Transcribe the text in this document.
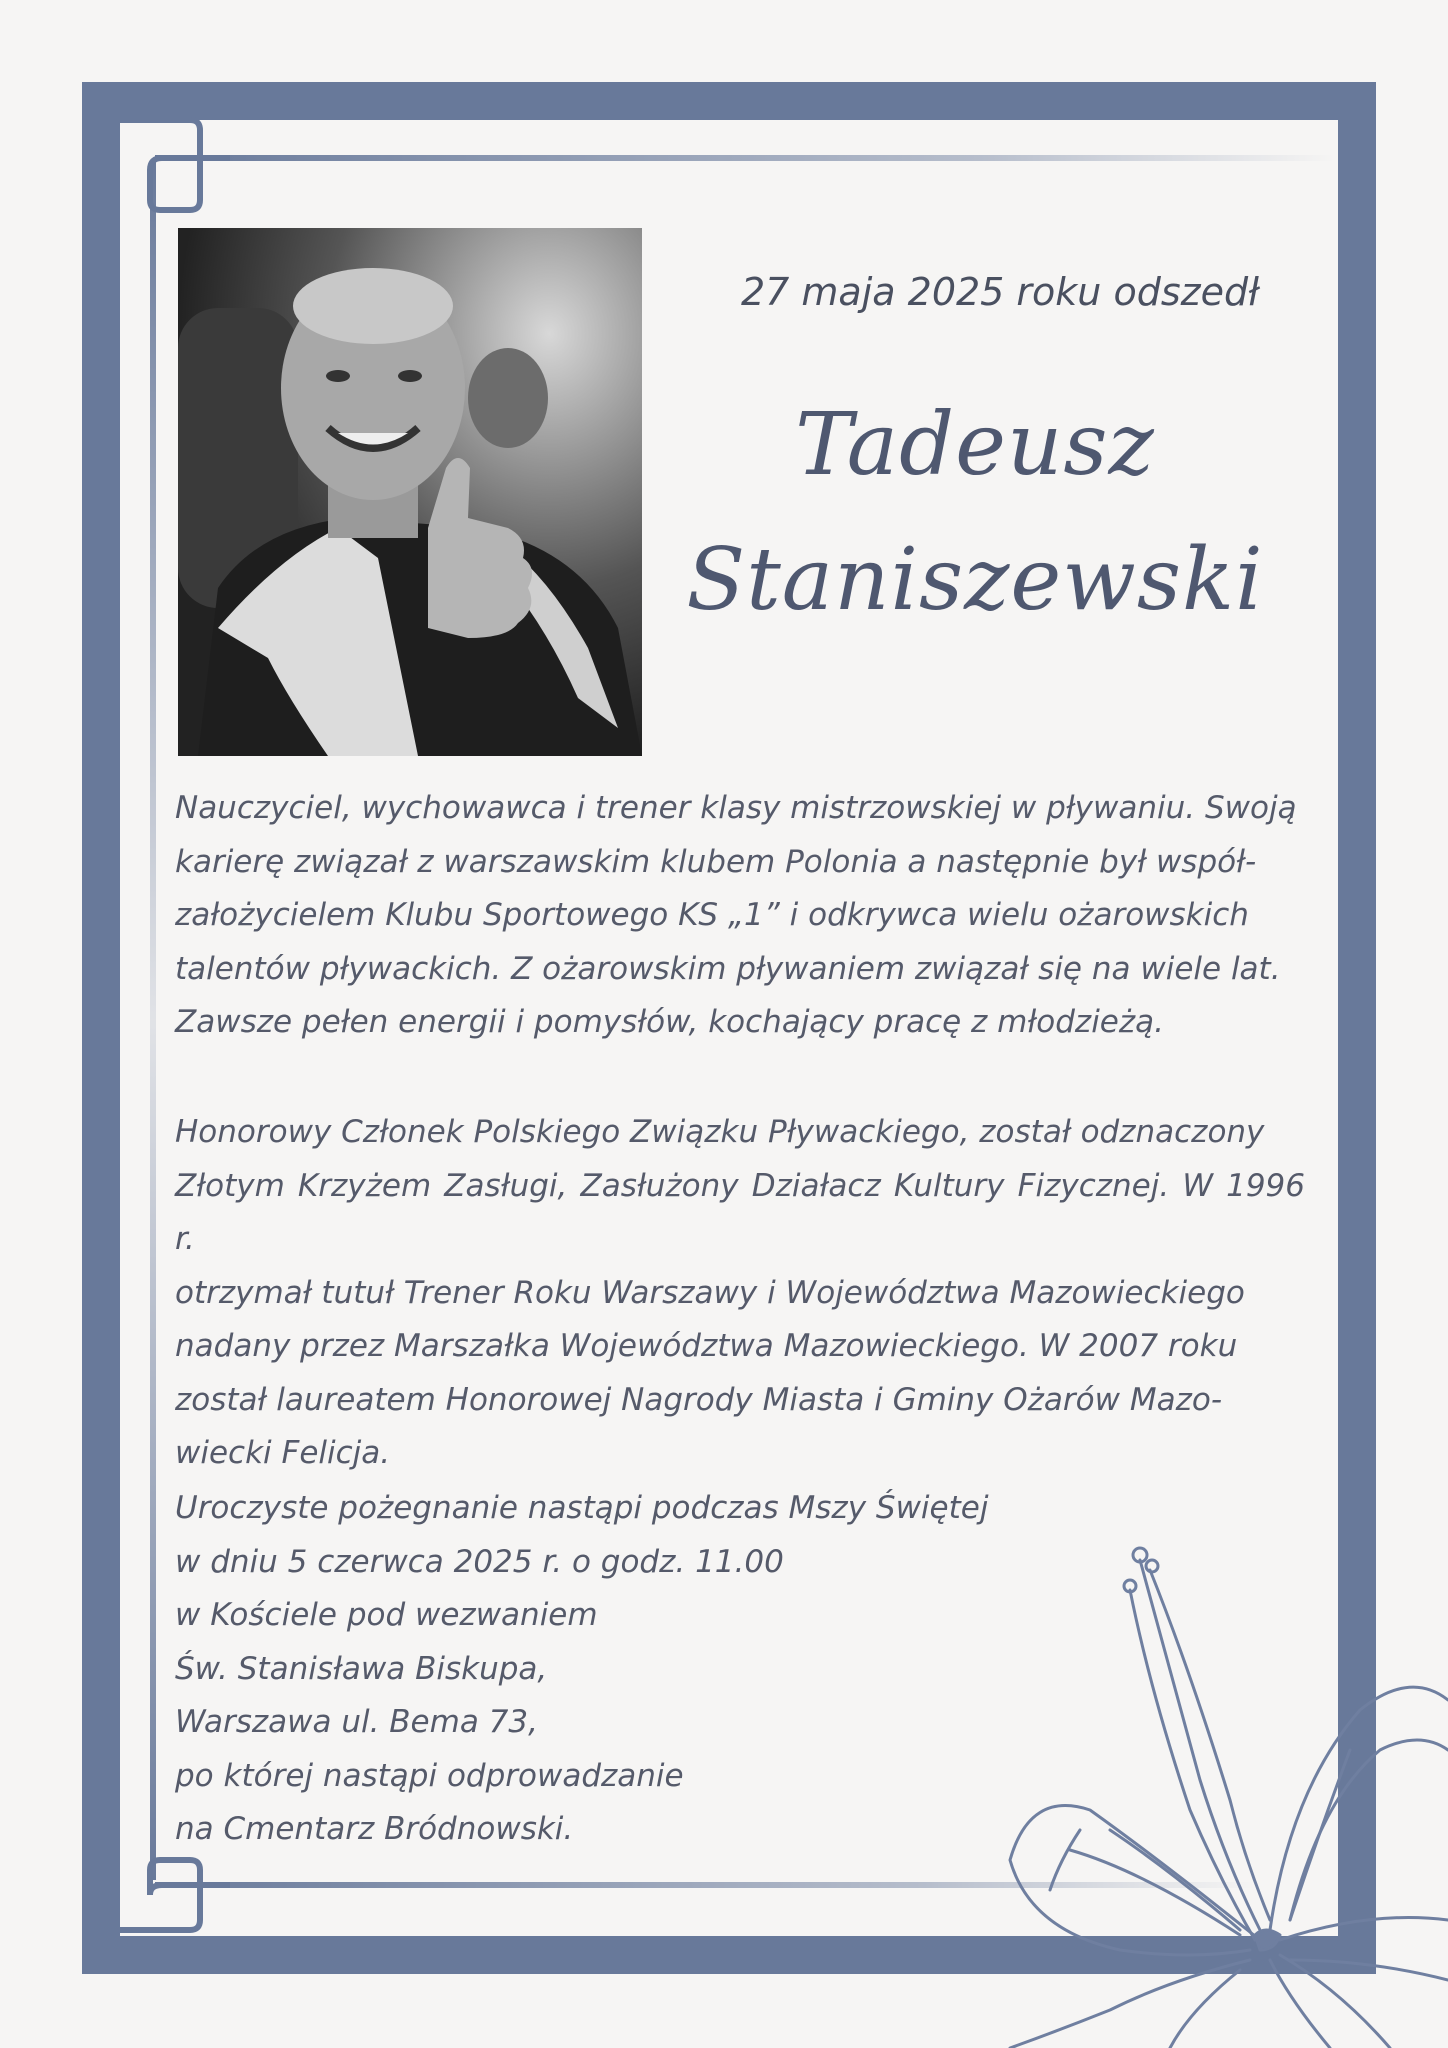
27 maja 2025 roku odszedł
Tadeusz
Staniszewski
Nauczyciel, wychowawca i trener klasy mistrzowskiej w pływaniu. Swoją
karierę związał z warszawskim klubem Polonia a następnie był współ-
założycielem Klubu Sportowego KS „1” i odkrywca wielu ożarowskich
talentów pływackich. Z ożarowskim pływaniem związał się na wiele lat.
Zawsze pełen energii i pomysłów, kochający pracę z młodzieżą.
Honorowy Członek Polskiego Związku Pływackiego, został odznaczony
Złotym Krzyżem Zasługi, Zasłużony Działacz Kultury Fizycznej. W 1996 r.
otrzymał tutuł Trener Roku Warszawy i Województwa Mazowieckiego
nadany przez Marszałka Województwa Mazowieckiego. W 2007 roku
został laureatem Honorowej Nagrody Miasta i Gminy Ożarów Mazo-
wiecki Felicja.
Uroczyste pożegnanie nastąpi podczas Mszy Świętej
w dniu 5 czerwca 2025 r. o godz. 11.00
w Kościele pod wezwaniem
Św. Stanisława Biskupa,
Warszawa ul. Bema 73,
po której nastąpi odprowadzanie
na Cmentarz Bródnowski.
